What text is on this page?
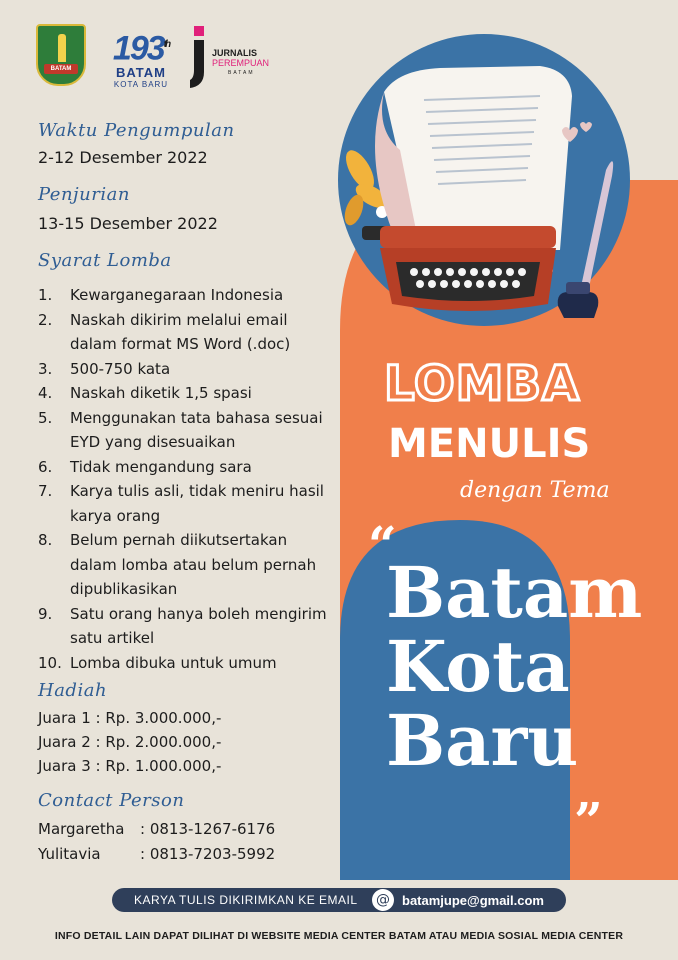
BATAM
193th
BATAM
KOTA BARU
JURNALIS
PEREMPUAN
BATAM
Waktu Pengumpulan
2-12 Desember 2022
Penjurian
13-15 Desember 2022
Syarat Lomba
1.	Kewarganegaraan Indonesia
2.	Naskah dikirim melalui email dalam format MS Word (.doc)
3.	500-750 kata
4.	Naskah diketik 1,5 spasi
5.	Menggunakan tata bahasa sesuai EYD yang disesuaikan
6.	Tidak mengandung sara
7.	Karya tulis asli, tidak meniru hasil karya orang
8.	Belum pernah diikutsertakan dalam lomba atau belum pernah dipublikasikan
9.	Satu orang hanya boleh mengirim satu artikel
10. Lomba dibuka untuk umum
Hadiah
Juara 1 : Rp. 3.000.000,-
Juara 2 : Rp. 2.000.000,-
Juara 3 : Rp. 1.000.000,-
Contact Person
Margaretha	: 0813-1267-6176
Yulitavia	: 0813-7203-5992
LOMBA
MENULIS
dengan Tema
“
Batam
Kota
Baru
”
KARYA TULIS DIKIRIMKAN KE EMAIL	@ batamjupe@gmail.com
INFO DETAIL LAIN DAPAT DILIHAT DI WEBSITE MEDIA CENTER BATAM ATAU MEDIA SOSIAL MEDIA CENTER
